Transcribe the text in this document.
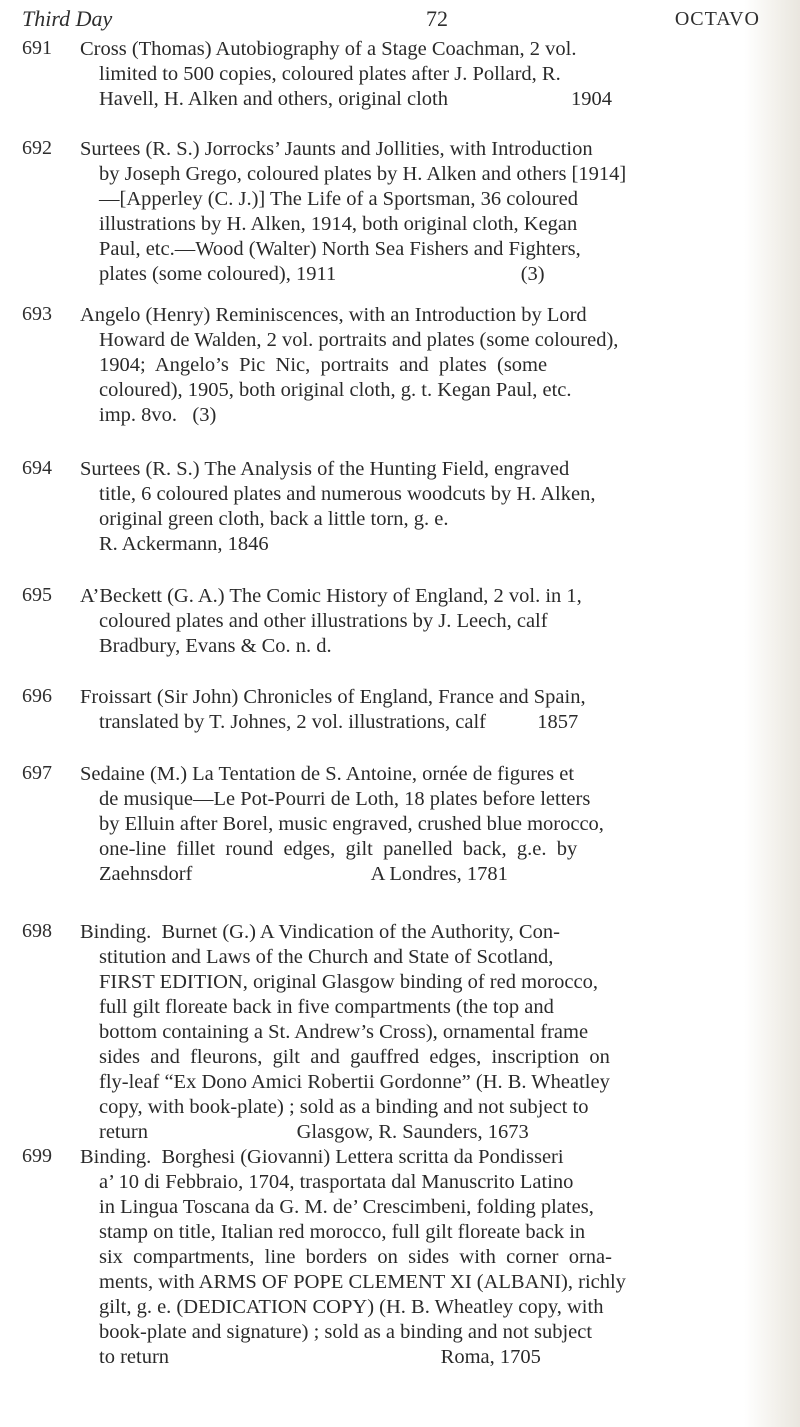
Third Day	72	OCTAVO
691 Cross (Thomas) Autobiography of a Stage Coachman, 2 vol.
limited to 500 copies, coloured plates after J. Pollard, R.
Havell, H. Alken and others, original cloth                        1904
692 Surtees (R. S.) Jorrocks’ Jaunts and Jollities, with Introduction
by Joseph Grego, coloured plates by H. Alken and others [1914]
—[Apperley (C. J.)] The Life of a Sportsman, 36 coloured
illustrations by H. Alken, 1914, both original cloth, Kegan
Paul, etc.—Wood (Walter) North Sea Fishers and Fighters,
plates (some coloured), 1911                                    (3)
693 Angelo (Henry) Reminiscences, with an Introduction by Lord
Howard de Walden, 2 vol. portraits and plates (some coloured),
1904;  Angelo’s  Pic  Nic,  portraits  and  plates  (some
coloured), 1905, both original cloth, g. t. Kegan Paul, etc.
imp. 8vo.   (3)
694 Surtees (R. S.) The Analysis of the Hunting Field, engraved
title, 6 coloured plates and numerous woodcuts by H. Alken,
original green cloth, back a little torn, g. e.
R. Ackermann, 1846
695 A’Beckett (G. A.) The Comic History of England, 2 vol. in 1,
coloured plates and other illustrations by J. Leech, calf
Bradbury, Evans & Co. n. d.
696 Froissart (Sir John) Chronicles of England, France and Spain,
translated by T. Johnes, 2 vol. illustrations, calf          1857
697 Sedaine (M.) La Tentation de S. Antoine, ornée de figures et
de musique—Le Pot-Pourri de Loth, 18 plates before letters
by Elluin after Borel, music engraved, crushed blue morocco,
one-line  fillet  round  edges,  gilt  panelled  back,  g.e.  by
Zaehnsdorf                                   A Londres, 1781
698 Binding.  Burnet (G.) A Vindication of the Authority, Con-
stitution and Laws of the Church and State of Scotland,
FIRST EDITION, original Glasgow binding of red morocco,
full gilt floreate back in five compartments (the top and
bottom containing a St. Andrew’s Cross), ornamental frame
sides  and  fleurons,  gilt  and  gauffred  edges,  inscription  on
fly-leaf “Ex Dono Amici Robertii Gordonne” (H. B. Wheatley
copy, with book-plate) ; sold as a binding and not subject to
return                             Glasgow, R. Saunders, 1673
699 Binding.  Borghesi (Giovanni) Lettera scritta da Pondisseri
a’ 10 di Febbraio, 1704, trasportata dal Manuscrito Latino
in Lingua Toscana da G. M. de’ Crescimbeni, folding plates,
stamp on title, Italian red morocco, full gilt floreate back in
six  compartments,  line  borders  on  sides  with  corner  orna-
ments, with ARMS OF POPE CLEMENT XI (ALBANI), richly
gilt, g. e. (DEDICATION COPY) (H. B. Wheatley copy, with
book-plate and signature) ; sold as a binding and not subject
to return                                                     Roma, 1705
